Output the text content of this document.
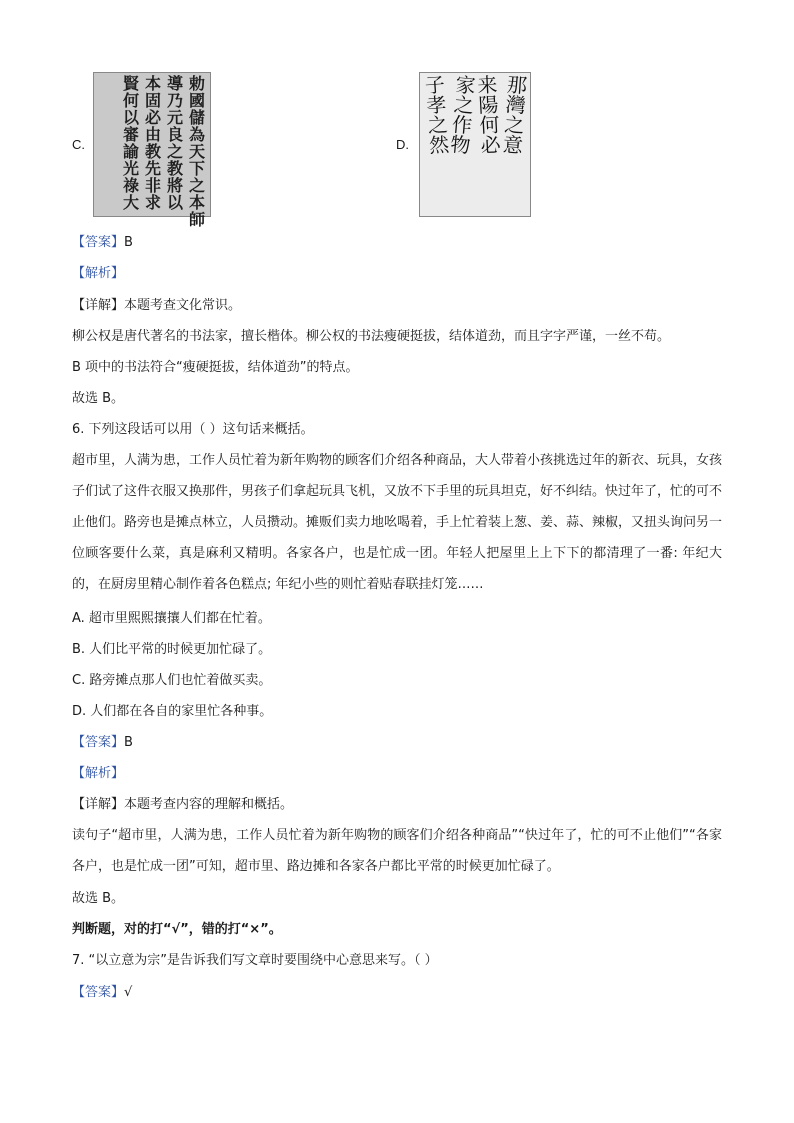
C.
勅國儲為天下之本師
導乃元良之教將以
本固必由教先非求
賢何以審諭光祿大
D.
那灣之意
来陽何必
家之作物
子孝之然
【答案】B
【解析】
【详解】本题考查文化常识。
柳公权是唐代著名的书法家，擅长楷体。柳公权的书法瘦硬挺拔，结体道劲，而且字字严谨，一丝不苟。
B 项中的书法符合“瘦硬挺拔，结体道劲”的特点。
故选 B。
6. 下列这段话可以用（ ）这句话来概括。
超市里，人满为患，工作人员忙着为新年购物的顾客们介绍各种商品，大人带着小孩挑选过年的新衣、玩具，女孩子们试了这件衣服又换那件，男孩子们拿起玩具飞机，又放不下手里的玩具坦克，好不纠结。快过年了，忙的可不止他们。路旁也是摊点林立，人员攒动。摊贩们卖力地吆喝着，手上忙着装上葱、姜、蒜、辣椒，又扭头询问另一位顾客要什么菜，真是麻利又精明。各家各户，也是忙成一团。年轻人把屋里上上下下的都清理了一番: 年纪大的，在厨房里精心制作着各色糕点; 年纪小些的则忙着贴春联挂灯笼……
A. 超市里熙熙攘攘人们都在忙着。
B. 人们比平常的时候更加忙碌了。
C. 路旁摊点那人们也忙着做买卖。
D. 人们都在各自的家里忙各种事。
【答案】B
【解析】
【详解】本题考查内容的理解和概括。
读句子“超市里，人满为患，工作人员忙着为新年购物的顾客们介绍各种商品”“快过年了，忙的可不止他们”“各家各户，也是忙成一团”可知，超市里、路边摊和各家各户都比平常的时候更加忙碌了。
故选 B。
判断题，对的打“√”，错的打“×”。
7. “以立意为宗”是告诉我们写文章时要围绕中心意思来写。（ ）
【答案】√
